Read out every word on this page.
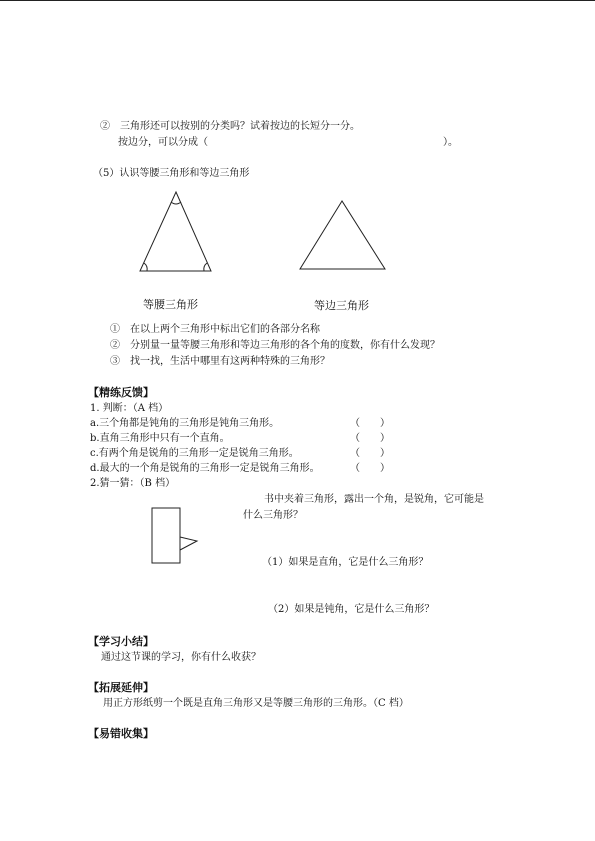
②　三角形还可以按别的分类吗？试着按边的长短分一分。
按边分，可以分成（	）。
（5）认识等腰三角形和等边三角形
等腰三角形	等边三角形
①　在以上两个三角形中标出它们的各部分名称
②　分别量一量等腰三角形和等边三角形的各个角的度数，你有什么发现？
③　找一找，生活中哪里有这两种特殊的三角形？
【精练反馈】
1. 判断：（A 档）
a.三个角都是钝角的三角形是钝角三角形。	（　　）
b.直角三角形中只有一个直角。	（　　）
c.有两个角是锐角的三角形一定是锐角三角形。	（　　）
d.最大的一个角是锐角的三角形一定是锐角三角形。	（　　）
2.猜一猜：（B 档）
书中夹着三角形，露出一个角，是锐角，它可能是
什么三角形？
（1）如果是直角，它是什么三角形？
（2）如果是钝角，它是什么三角形？
【学习小结】
通过这节课的学习，你有什么收获？
【拓展延伸】
用正方形纸剪一个既是直角三角形又是等腰三角形的三角形。（C 档）
【易错收集】
